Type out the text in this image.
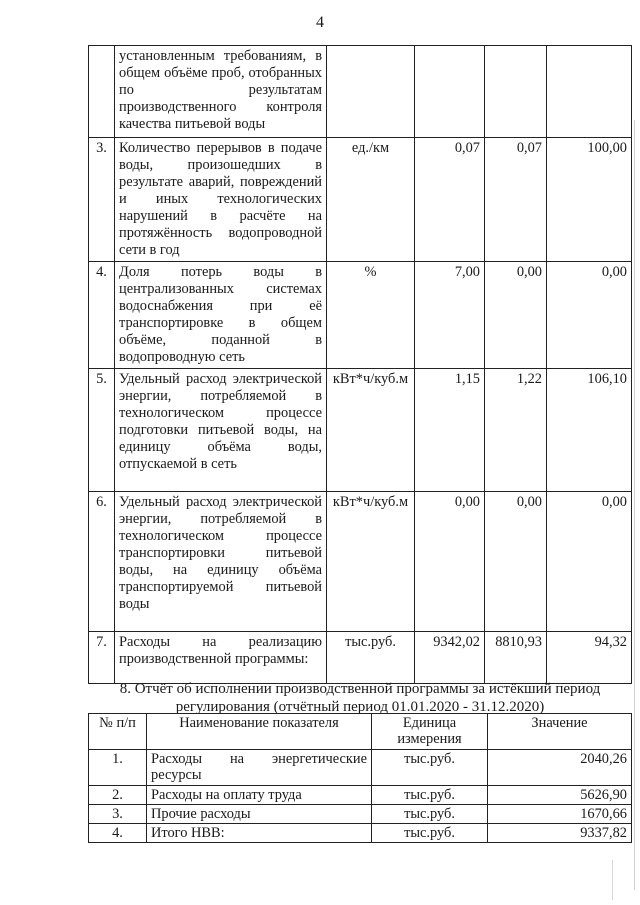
4
	установленным требованиям, в общем объёме проб, отобранных по результатам производственного контроля качества питьевой воды				
3.	Количество перерывов в подаче воды, произошедших в результате аварий, повреждений и иных технологических нарушений в расчёте на протяжённость водопроводной сети в год	ед./км	0,07	0,07	100,00
4.	Доля потерь воды в централизованных системах водоснабжения при её транспортировке в общем объёме, поданной в водопроводную сеть	%	7,00	0,00	0,00
5.	Удельный расход электрической энергии, потребляемой в технологическом процессе подготовки питьевой воды, на единицу объёма воды, отпускаемой в сеть	кВт*ч/куб.м	1,15	1,22	106,10
6.	Удельный расход электрической энергии, потребляемой в технологическом процессе транспортировки питьевой воды, на единицу объёма транспортируемой питьевой воды	кВт*ч/куб.м	0,00	0,00	0,00
7.	Расходы на реализацию производственной программы:	тыс.руб.	9342,02	8810,93	94,32
8. Отчёт об исполнении производственной программы за истёкший период регулирования (отчётный период 01.01.2020 - 31.12.2020)
№ п/п	Наименование показателя	Единица измерения	Значение
1.	Расходы на энергетические ресурсы	тыс.руб.	2040,26
2.	Расходы на оплату труда	тыс.руб.	5626,90
3.	Прочие расходы	тыс.руб.	1670,66
4.	Итого НВВ:	тыс.руб.	9337,82
